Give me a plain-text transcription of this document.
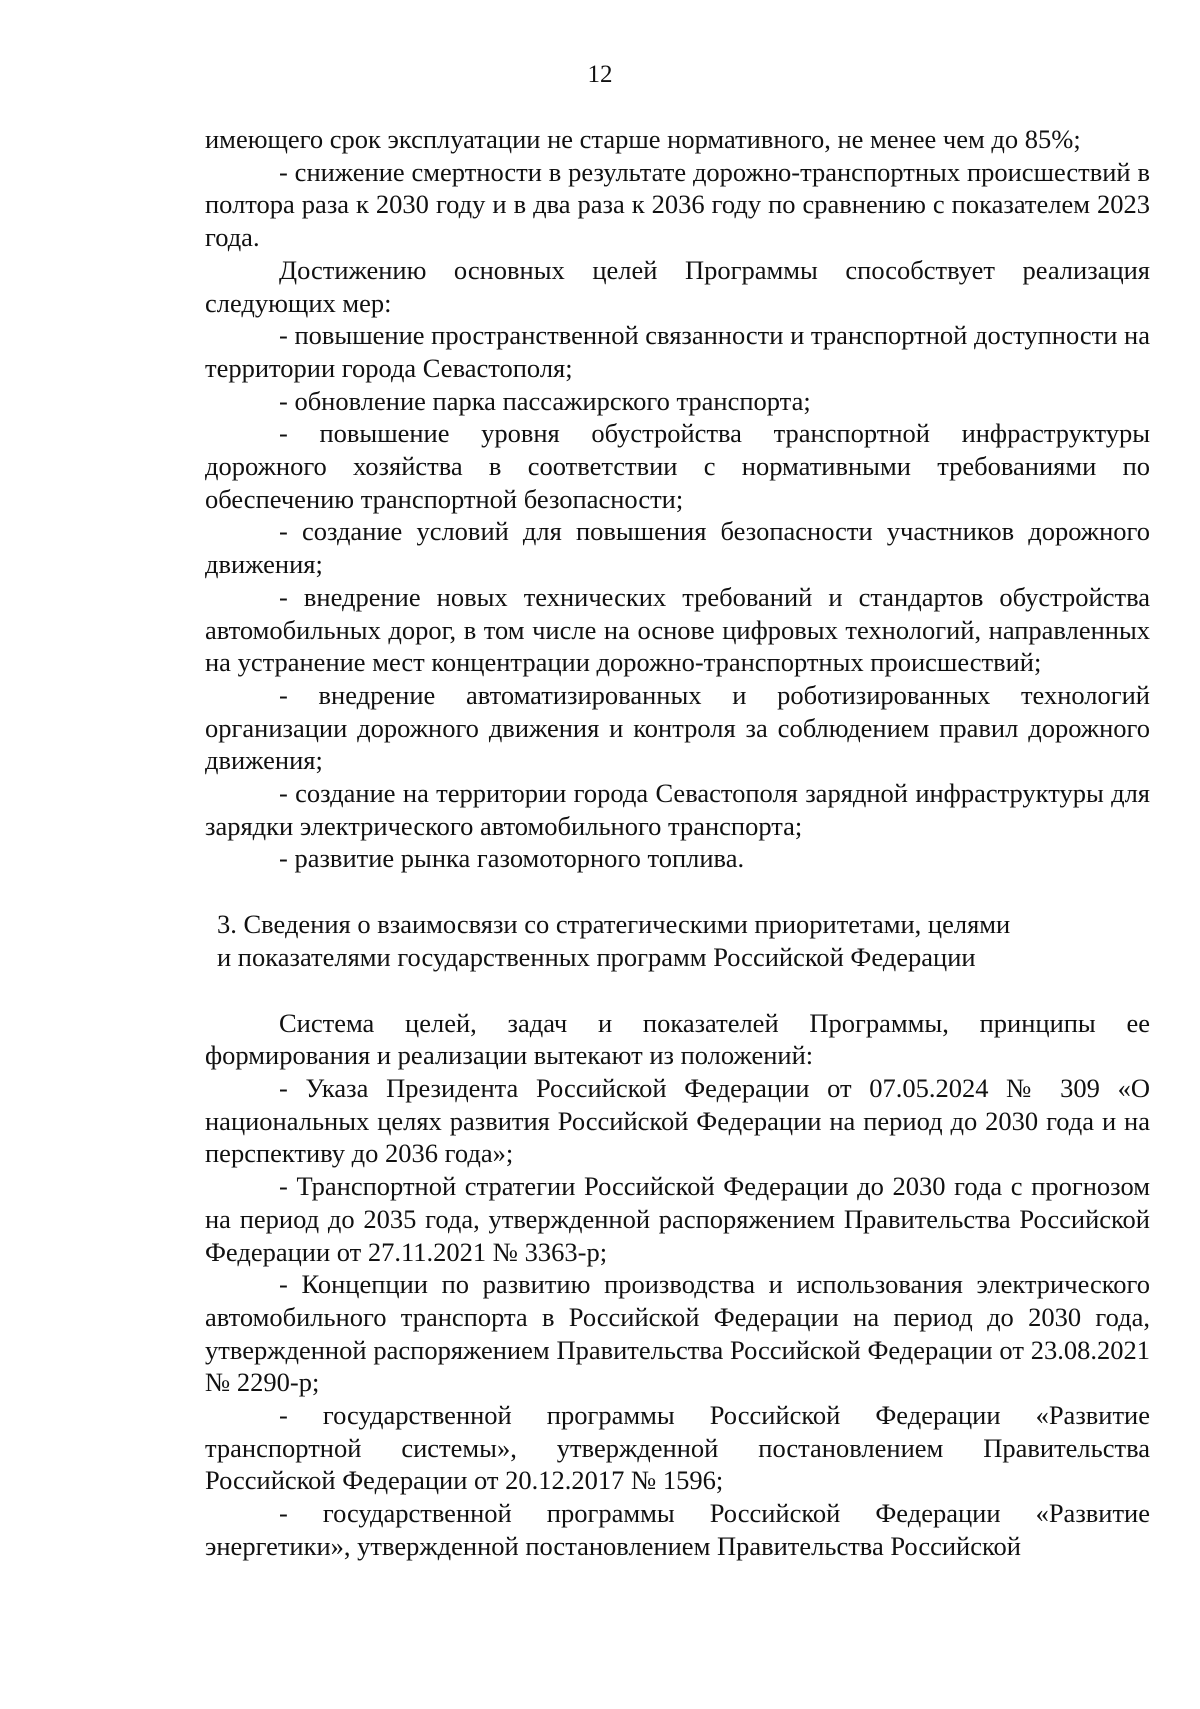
12

имеющего срок эксплуатации не старше нормативного, не менее чем до 85%;

- снижение смертности в результате дорожно-транспортных происшествий в полтора раза к 2030 году и в два раза к 2036 году по сравнению с показателем 2023 года.

Достижению основных целей Программы способствует реализация следующих мер:

- повышение пространственной связанности и транспортной доступности на территории города Севастополя;

- обновление парка пассажирского транспорта;

- повышение уровня обустройства транспортной инфраструктуры дорожного хозяйства в соответствии с нормативными требованиями по обеспечению транспортной безопасности;

- создание условий для повышения безопасности участников дорожного движения;

- внедрение новых технических требований и стандартов обустройства автомобильных дорог, в том числе на основе цифровых технологий, направленных на устранение мест концентрации дорожно-транспортных происшествий;

- внедрение автоматизированных и роботизированных технологий организации дорожного движения и контроля за соблюдением правил дорожного движения;

- создание на территории города Севастополя зарядной инфраструктуры для зарядки электрического автомобильного транспорта;

- развитие рынка газомоторного топлива.

3. Сведения о взаимосвязи со стратегическими приоритетами, целями

и показателями государственных программ Российской Федерации

Система целей, задач и показателей Программы, принципы ее формирования и реализации вытекают из положений:

- Указа Президента Российской Федерации от 07.05.2024 № 309 «О национальных целях развития Российской Федерации на период до 2030 года и на перспективу до 2036 года»;

- Транспортной стратегии Российской Федерации до 2030 года с прогнозом на период до 2035 года, утвержденной распоряжением Правительства Российской Федерации от 27.11.2021 № 3363-р;

- Концепции по развитию производства и использования электрического автомобильного транспорта в Российской Федерации на период до 2030 года, утвержденной распоряжением Правительства Российской Федерации от 23.08.2021 № 2290-р;

- государственной программы Российской Федерации «Развитие транспортной системы», утвержденной постановлением Правительства Российской Федерации от 20.12.2017 № 1596;

- государственной программы Российской Федерации «Развитие энергетики», утвержденной постановлением Правительства Российской
